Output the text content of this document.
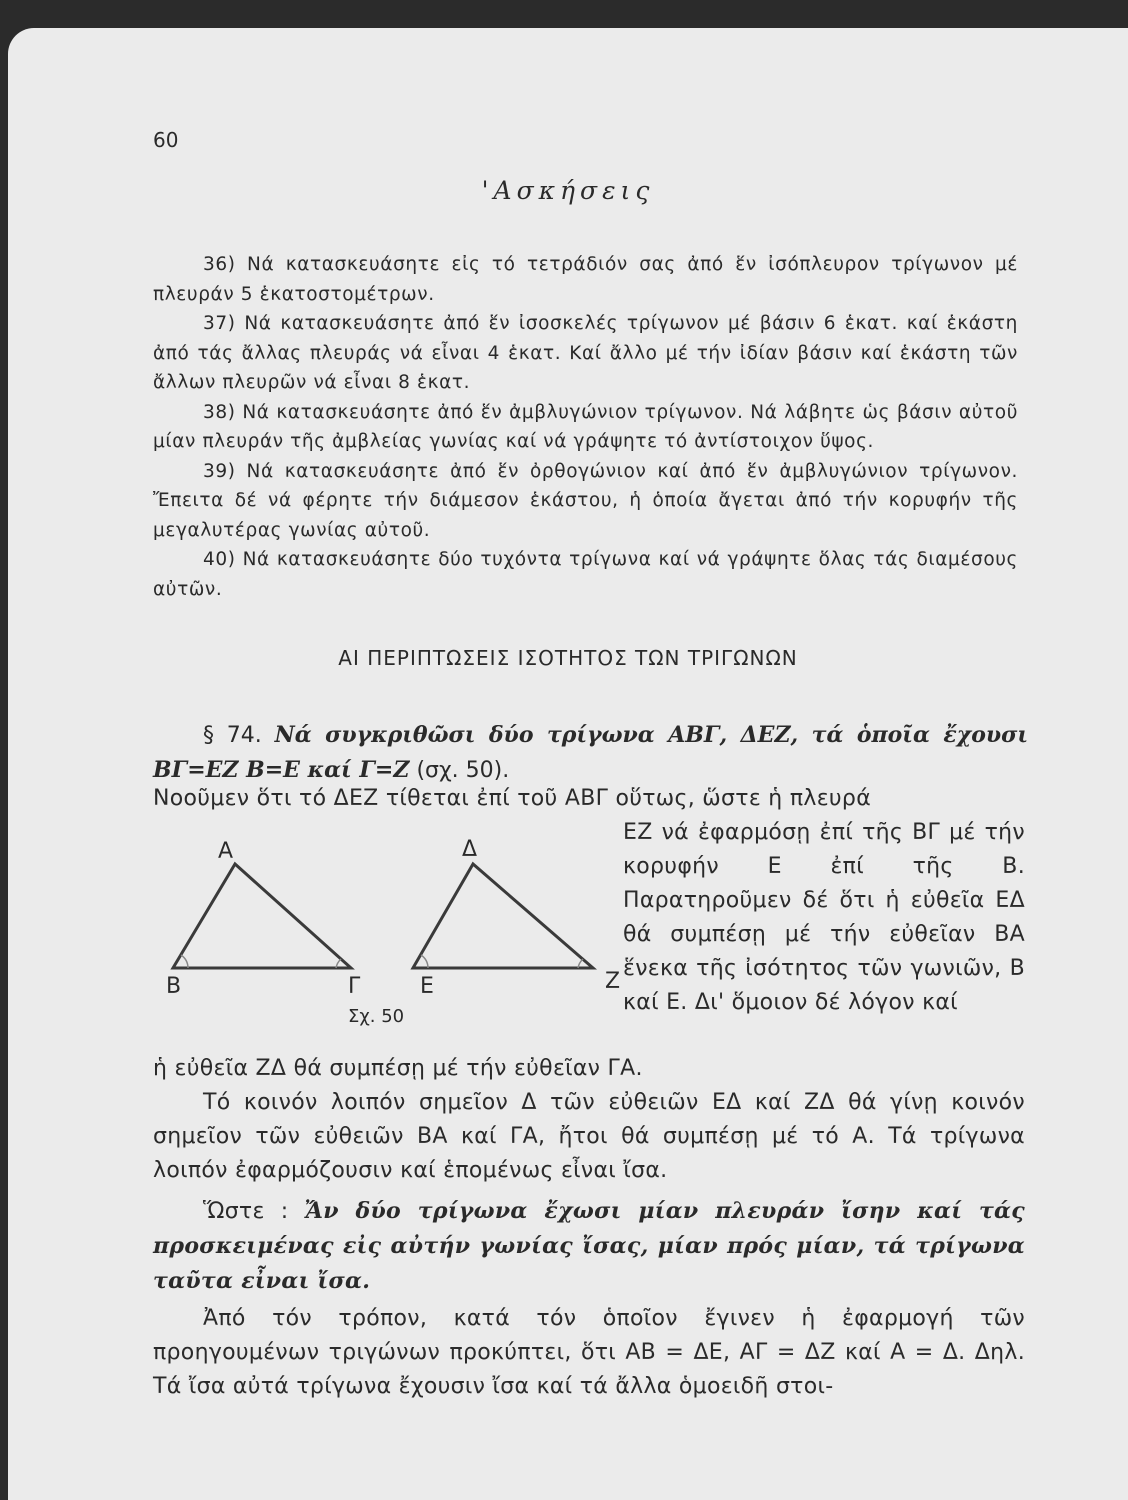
60
'Ασκήσεις

36) Νά κατασκευάσητε εἰς τό τετράδιόν σας ἀπό ἕν ἰσόπλευρον τρίγωνον μέ πλευράν 5 ἑκατοστομέτρων.

37) Νά κατασκευάσητε ἀπό ἕν ἰσοσκελές τρίγωνον μέ βάσιν 6 ἑκατ. καί ἑκάστη ἀπό τάς ἄλλας πλευράς νά εἶναι 4 ἑκατ. Καί ἄλλο μέ τήν ἰδίαν βάσιν καί ἑκάστη τῶν ἄλλων πλευρῶν νά εἶναι 8 ἑκατ.

38) Νά κατασκευάσητε ἀπό ἕν ἀμβλυγώνιον τρίγωνον. Νά λάβητε ὡς βάσιν αὐτοῦ μίαν πλευράν τῆς ἀμβλείας γωνίας καί νά γράψητε τό ἀντίστοιχον ὕψος.

39) Νά κατασκευάσητε ἀπό ἕν ὀρθογώνιον καί ἀπό ἕν ἀμβλυγώνιον τρίγωνον. Ἔπειτα δέ νά φέρητε τήν διάμεσον ἑκάστου, ἡ ὁποία ἄγεται ἀπό τήν κορυφήν τῆς μεγαλυτέρας γωνίας αὐτοῦ.

40) Νά κατασκευάσητε δύο τυχόντα τρίγωνα καί νά γράψητε ὅλας τάς διαμέσους αὐτῶν.

ΑΙ ΠΕΡΙΠΤΩΣΕΙΣ ΙΣΟΤΗΤΟΣ ΤΩΝ ΤΡΙΓΩΝΩΝ
§ 74. Νά συγκριθῶσι δύο τρίγωνα ΑΒΓ, ΔΕΖ, τά ὁποῖα ἔχουσι ΒΓ=ΕΖ Β=Ε καί Γ=Ζ (σχ. 50).
Νοοῦμεν ὅτι τό ΔΕΖ τίθεται ἐπί τοῦ ΑΒΓ οὕτως, ὥστε ἡ πλευρά

ΕΖ νά ἐφαρμόσῃ ἐπί τῆς ΒΓ μέ τήν κορυφήν Ε ἐπί τῆς Β. Παρατηροῦμεν δέ ὅτι ἡ εὐθεῖα ΕΔ θά συμπέσῃ μέ τήν εὐθεῖαν ΒΑ ἕνεκα τῆς ἰσότητος τῶν γωνιῶν, Β καί Ε. Δι' ὅμοιον δέ λόγον καί

Α
Β	Γ
Δ
Ε	Ζ
Σχ. 50
ἡ εὐθεῖα ΖΔ θά συμπέσῃ μέ τήν εὐθεῖαν ΓΑ.

Τό κοινόν λοιπόν σημεῖον Δ τῶν εὐθειῶν ΕΔ καί ΖΔ θά γίνῃ κοινόν σημεῖον τῶν εὐθειῶν ΒΑ καί ΓΑ, ἤτοι θά συμπέσῃ μέ τό Α. Τά τρίγωνα λοιπόν ἐφαρμόζουσιν καί ἑπομένως εἶναι ἴσα.

Ὥστε : Ἄν δύο τρίγωνα ἔχωσι μίαν πλευράν ἴσην καί τάς προσκειμένας εἰς αὐτήν γωνίας ἴσας, μίαν πρός μίαν, τά τρίγωνα ταῦτα εἶναι ἴσα.

Ἀπό τόν τρόπον, κατά τόν ὁποῖον ἔγινεν ἡ ἐφαρμογή τῶν προηγουμένων τριγώνων προκύπτει, ὅτι ΑΒ = ΔΕ, ΑΓ = ΔΖ καί Α = Δ. Δηλ. Τά ἴσα αὐτά τρίγωνα ἔχουσιν ἴσα καί τά ἄλλα ὁμοειδῆ στοι-
